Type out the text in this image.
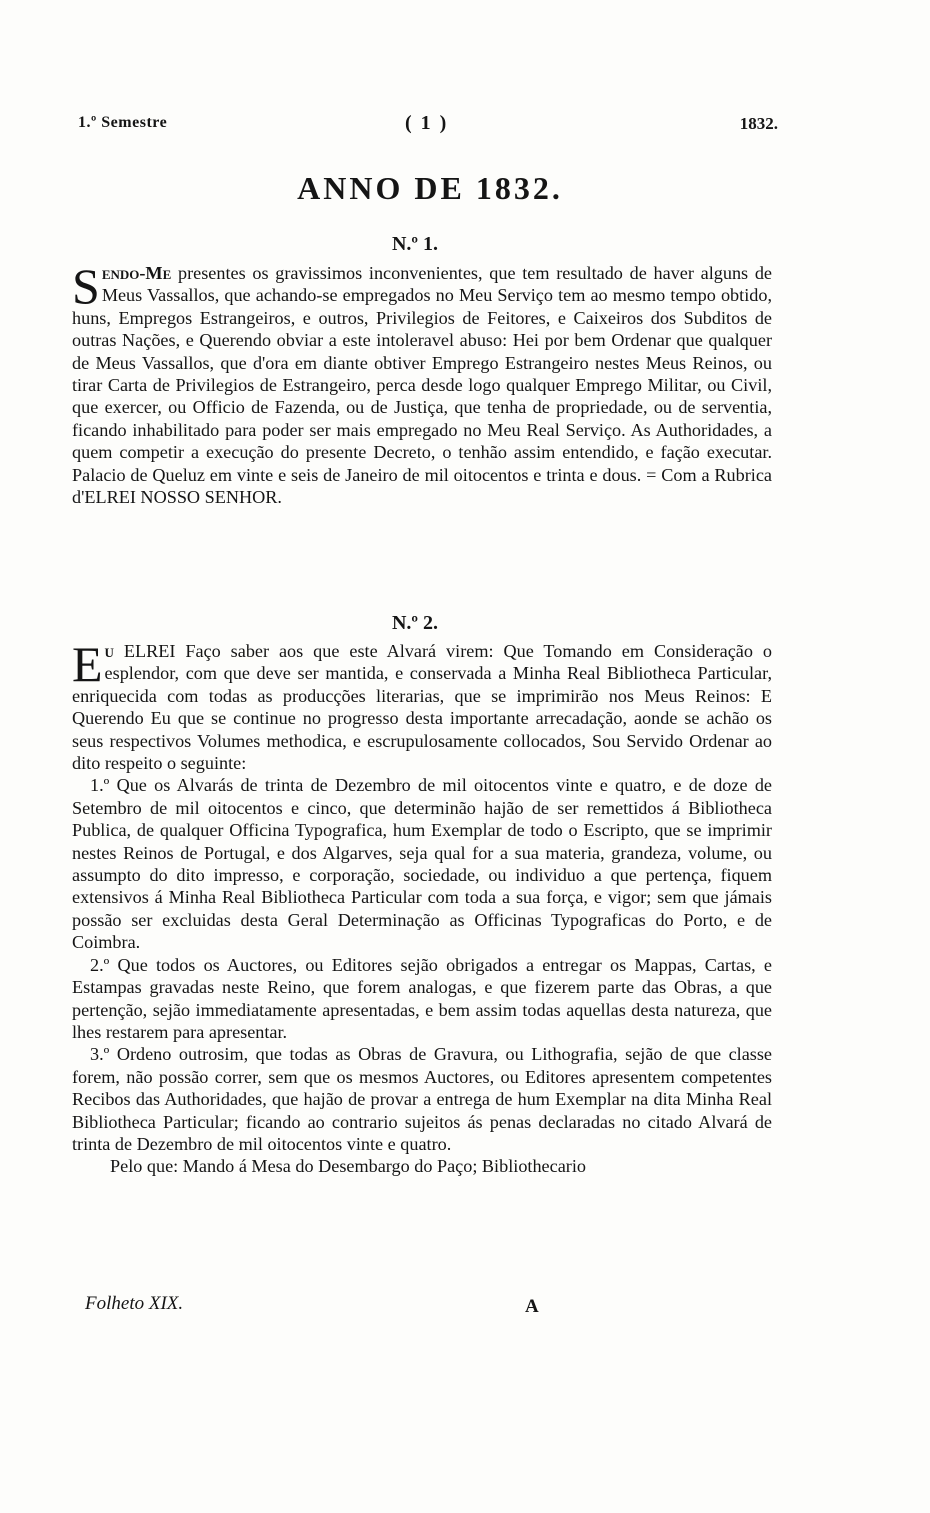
1.º Semestre	( 1 )	1832.
ANNO DE 1832.
N.º 1.

Sendo-Me presentes os gravissimos inconvenientes, que tem resultado de haver alguns de Meus Vassallos, que achando-se empregados no Meu Serviço tem ao mesmo tempo obtido, huns, Empregos Estrangeiros, e outros, Privilegios de Feitores, e Caixeiros dos Subditos de outras Nações, e Querendo obviar a este intoleravel abuso: Hei por bem Ordenar que qualquer de Meus Vassallos, que d'ora em diante obtiver Emprego Estrangeiro nestes Meus Reinos, ou tirar Carta de Privilegios de Estrangeiro, perca desde logo qualquer Emprego Militar, ou Civil, que exercer, ou Officio de Fazenda, ou de Justiça, que tenha de propriedade, ou de serventia, ficando inhabilitado para poder ser mais empregado no Meu Real Serviço. As Authoridades, a quem competir a execução do presente Decreto, o tenhão assim entendido, e fação executar. Palacio de Queluz em vinte e seis de Janeiro de mil oitocentos e trinta e dous. = Com a Rubrica d'ELREI NOSSO SENHOR.

N.º 2.
Eu ELREI Faço saber aos que este Alvará virem: Que Tomando em Consideração o esplendor, com que deve ser mantida, e conservada a Minha Real Bibliotheca Particular, enriquecida com todas as producções literarias, que se imprimirão nos Meus Reinos: E Querendo Eu que se continue no progresso desta importante arrecadação, aonde se achão os seus respectivos Volumes methodica, e escrupulosamente collocados, Sou Servido Ordenar ao dito respeito o seguinte:
1.º Que os Alvarás de trinta de Dezembro de mil oitocentos vinte e quatro, e de doze de Setembro de mil oitocentos e cinco, que determinão hajão de ser remettidos á Bibliotheca Publica, de qualquer Officina Typografica, hum Exemplar de todo o Escripto, que se imprimir nestes Reinos de Portugal, e dos Algarves, seja qual for a sua materia, grandeza, volume, ou assumpto do dito impresso, e corporação, sociedade, ou individuo a que pertença, fiquem extensivos á Minha Real Bibliotheca Particular com toda a sua força, e vigor; sem que jámais possão ser excluidas desta Geral Determinação as Officinas Typograficas do Porto, e de Coimbra.
2.º Que todos os Auctores, ou Editores sejão obrigados a entregar os Mappas, Cartas, e Estampas gravadas neste Reino, que forem analogas, e que fizerem parte das Obras, a que pertenção, sejão immediatamente apresentadas, e bem assim todas aquellas desta natureza, que lhes restarem para apresentar.
3.º Ordeno outrosim, que todas as Obras de Gravura, ou Lithografia, sejão de que classe forem, não possão correr, sem que os mesmos Auctores, ou Editores apresentem competentes Recibos das Authoridades, que hajão de provar a entrega de hum Exemplar na dita Minha Real Bibliotheca Particular; ficando ao contrario sujeitos ás penas declaradas no citado Alvará de trinta de Dezembro de mil oitocentos vinte e quatro.
Pelo que: Mando á Mesa do Desembargo do Paço; Bibliothecario
Folheto XIX.	A
